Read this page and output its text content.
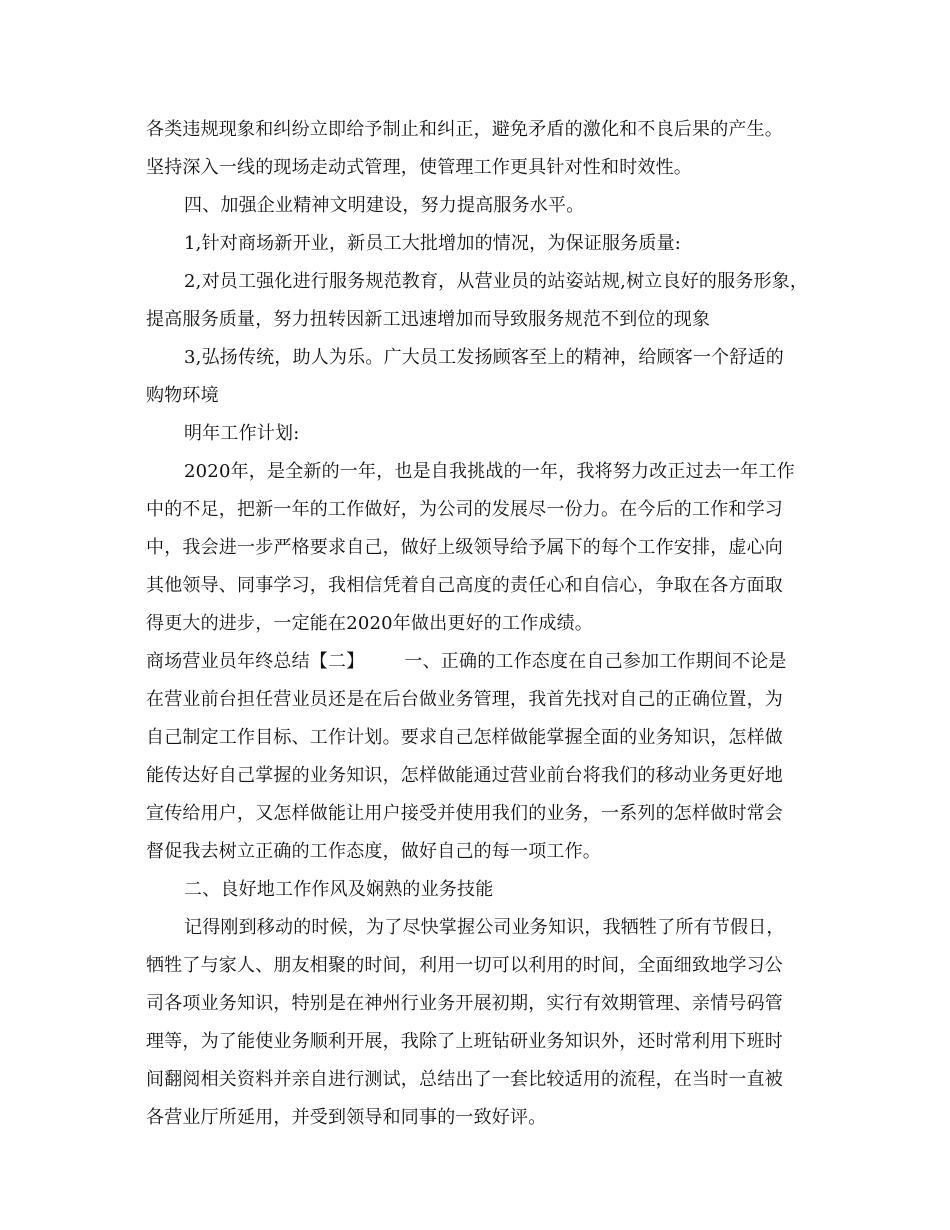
各类违规现象和纠纷立即给予制止和纠正，避免矛盾的激化和不良后果的产生。
坚持深入一线的现场走动式管理，使管理工作更具针对性和时效性。
四、加强企业精神文明建设，努力提高服务水平。
1,针对商场新开业，新员工大批增加的情况，为保证服务质量:
2,对员工强化进行服务规范教育，从营业员的站姿站规,树立良好的服务形象，
提高服务质量，努力扭转因新工迅速增加而导致服务规范不到位的现象
3,弘扬传统，助人为乐。广大员工发扬顾客至上的精神，给顾客一个舒适的
购物环境
明年工作计划:
2020年，是全新的一年，也是自我挑战的一年，我将努力改正过去一年工作
中的不足，把新一年的工作做好，为公司的发展尽一份力。在今后的工作和学习
中，我会进一步严格要求自己，做好上级领导给予属下的每个工作安排，虚心向
其他领导、同事学习，我相信凭着自己高度的责任心和自信心，争取在各方面取
得更大的进步，一定能在2020年做出更好的工作成绩。
商场营业员年终总结【二】 一、正确的工作态度在自己参加工作期间不论是
在营业前台担任营业员还是在后台做业务管理，我首先找对自己的正确位置，为
自己制定工作目标、工作计划。要求自己怎样做能掌握全面的业务知识，怎样做
能传达好自己掌握的业务知识，怎样做能通过营业前台将我们的移动业务更好地
宣传给用户，又怎样做能让用户接受并使用我们的业务，一系列的怎样做时常会
督促我去树立正确的工作态度，做好自己的每一项工作。
二、良好地工作作风及娴熟的业务技能
记得刚到移动的时候，为了尽快掌握公司业务知识，我牺牲了所有节假日，
牺牲了与家人、朋友相聚的时间，利用一切可以利用的时间，全面细致地学习公
司各项业务知识，特别是在神州行业务开展初期，实行有效期管理、亲情号码管
理等，为了能使业务顺利开展，我除了上班钻研业务知识外，还时常利用下班时
间翻阅相关资料并亲自进行测试，总结出了一套比较适用的流程，在当时一直被
各营业厅所延用，并受到领导和同事的一致好评。
